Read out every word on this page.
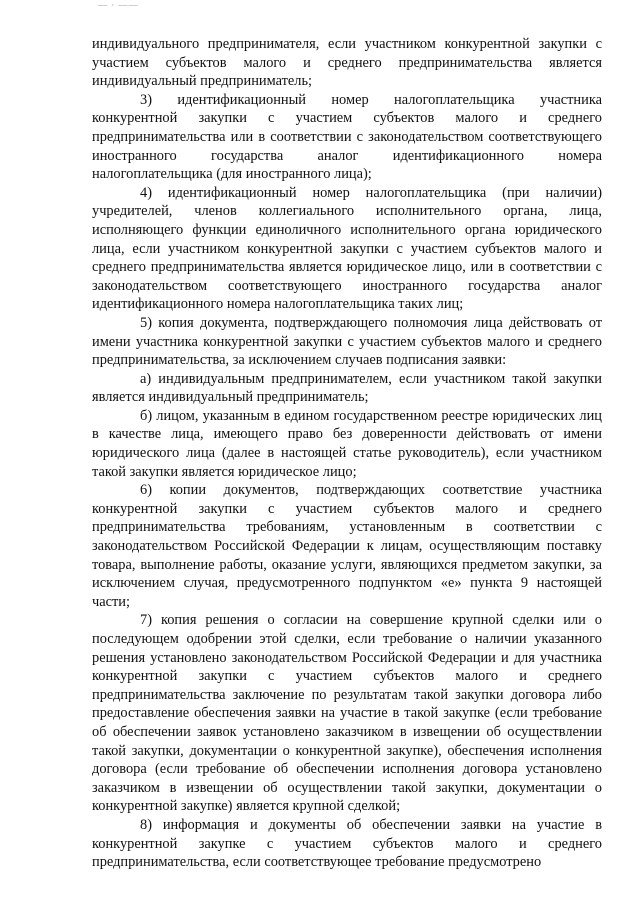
— · ——

индивидуального предпринимателя, если участником конкурентной закупки с участием субъектов малого и среднего предпринимательства является индивидуальный предприниматель;

3) идентификационный номер налогоплательщика участника конкурентной закупки с участием субъектов малого и среднего предпринимательства или в соответствии с законодательством соответствующего иностранного государства аналог идентификационного номера налогоплательщика (для иностранного лица);

4) идентификационный номер налогоплательщика (при наличии) учредителей, членов коллегиального исполнительного органа, лица, исполняющего функции единоличного исполнительного органа юридического лица, если участником конкурентной закупки с участием субъектов малого и среднего предпринимательства является юридическое лицо, или в соответствии с законодательством соответствующего иностранного государства аналог идентификационного номера налогоплательщика таких лиц;

5) копия документа, подтверждающего полномочия лица действовать от имени участника конкурентной закупки с участием субъектов малого и среднего предпринимательства, за исключением случаев подписания заявки:

а) индивидуальным предпринимателем, если участником такой закупки является индивидуальный предприниматель;

б) лицом, указанным в едином государственном реестре юридических лиц в качестве лица, имеющего право без доверенности действовать от имени юридического лица (далее в настоящей статье руководитель), если участником такой закупки является юридическое лицо;

6) копии документов, подтверждающих соответствие участника конкурентной закупки с участием субъектов малого и среднего предпринимательства требованиям, установленным в соответствии с законодательством Российской Федерации к лицам, осуществляющим поставку товара, выполнение работы, оказание услуги, являющихся предметом закупки, за исключением случая, предусмотренного подпунктом «е» пункта 9 настоящей части;

7) копия решения о согласии на совершение крупной сделки или о последующем одобрении этой сделки, если требование о наличии указанного решения установлено законодательством Российской Федерации и для участника конкурентной закупки с участием субъектов малого и среднего предпринимательства заключение по результатам такой закупки договора либо предоставление обеспечения заявки на участие в такой закупке (если требование об обеспечении заявок установлено заказчиком в извещении об осуществлении такой закупки, документации о конкурентной закупке), обеспечения исполнения договора (если требование об обеспечении исполнения договора установлено заказчиком в извещении об осуществлении такой закупки, документации о конкурентной закупке) является крупной сделкой;

8) информация и документы об обеспечении заявки на участие в конкурентной закупке с участием субъектов малого и среднего предпринимательства, если соответствующее требование предусмотрено
